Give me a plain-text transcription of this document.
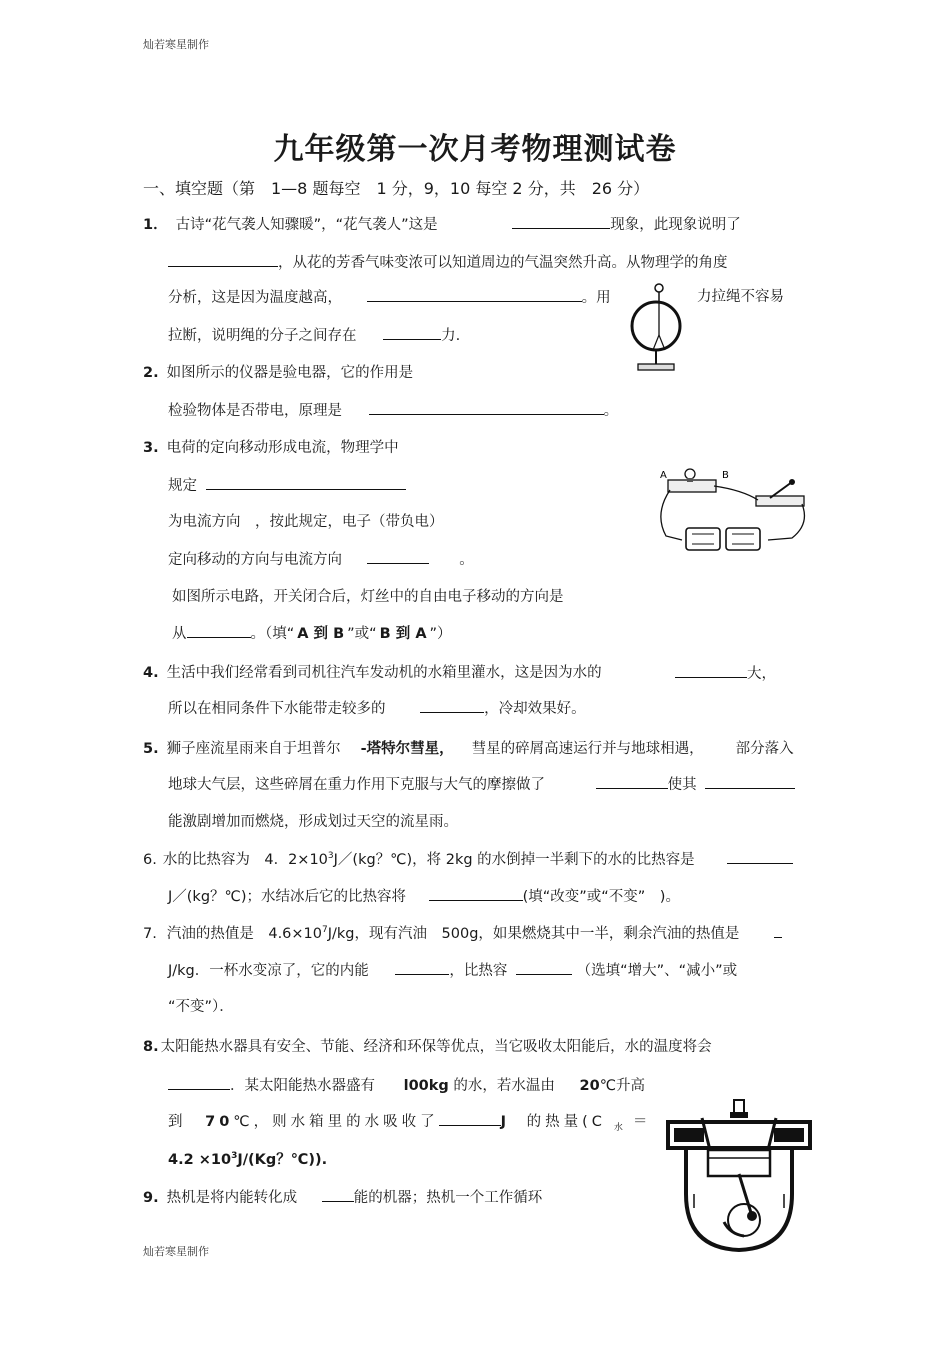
灿若寒星制作
九年级第一次月考物理测试卷
一、填空题（第　1—8 题每空　1 分，9，10 每空 2 分，共　26 分）
1． 古诗“花气袭人知骤暖”，“花气袭人”这是	现象，此现象说明了
，从花的芳香气味变浓可以知道周边的气温突然升高。从物理学的角度
分析，这是因为温度越高，	。用	力拉绳不容易
拉断，说明绳的分子之间存在	力.
2. 如图所示的仪器是验电器，它的作用是
检验物体是否带电，原理是	。
3. 电荷的定向移动形成电流，物理学中
规定
为电流方向　，按此规定，电子（带负电）
定向移动的方向与电流方向	。
如图所示电路，开关闭合后，灯丝中的自由电子移动的方向是
从	。（填“ A 到 B ”或“ B 到 A ”）
A	B
4. 生活中我们经常看到司机往汽车发动机的水箱里灌水，这是因为水的	大，
所以在相同条件下水能带走较多的	，冷却效果好。
5. 狮子座流星雨来自于坦普尔 -塔特尔彗星， 彗星的碎屑高速运行并与地球相遇， 部分落入
地球大气层，这些碎屑在重力作用下克服与大气的摩擦做了	使其
能激剧增加而燃烧，形成划过天空的流星雨。
6. 水的比热容为　4．$2\times 10^3J/(kg$？℃)，将 2kg 的水倒掉一半剩下的水的比热容是
J／(kg？℃)；水结冰后它的比热容将	(填“改变”或“不变”　)。
7. 汽油的热值是　$4.6\times 10^7J/kg$，现有汽油　500g，如果燃烧其中一半，剩余汽油的热值是
J/kg．一杯水变凉了，它的内能	，比热容	（选填“增大”、“减小”或
“不变”）．
8. 太阳能热水器具有安全、节能、经济和环保等优点，当它吸收太阳能后，水的温度将会
．某太阳能热水器盛有 l00kg 的水，若水温由 20℃升高
到 70℃，则水箱里的水吸收了	J 的热量(C $_水$ ＝
$4.2 \times 10^3J/(Kg$？℃)).
9. 热机是将内能转化成	能的机器；热机一个工作循环
灿若寒星制作
